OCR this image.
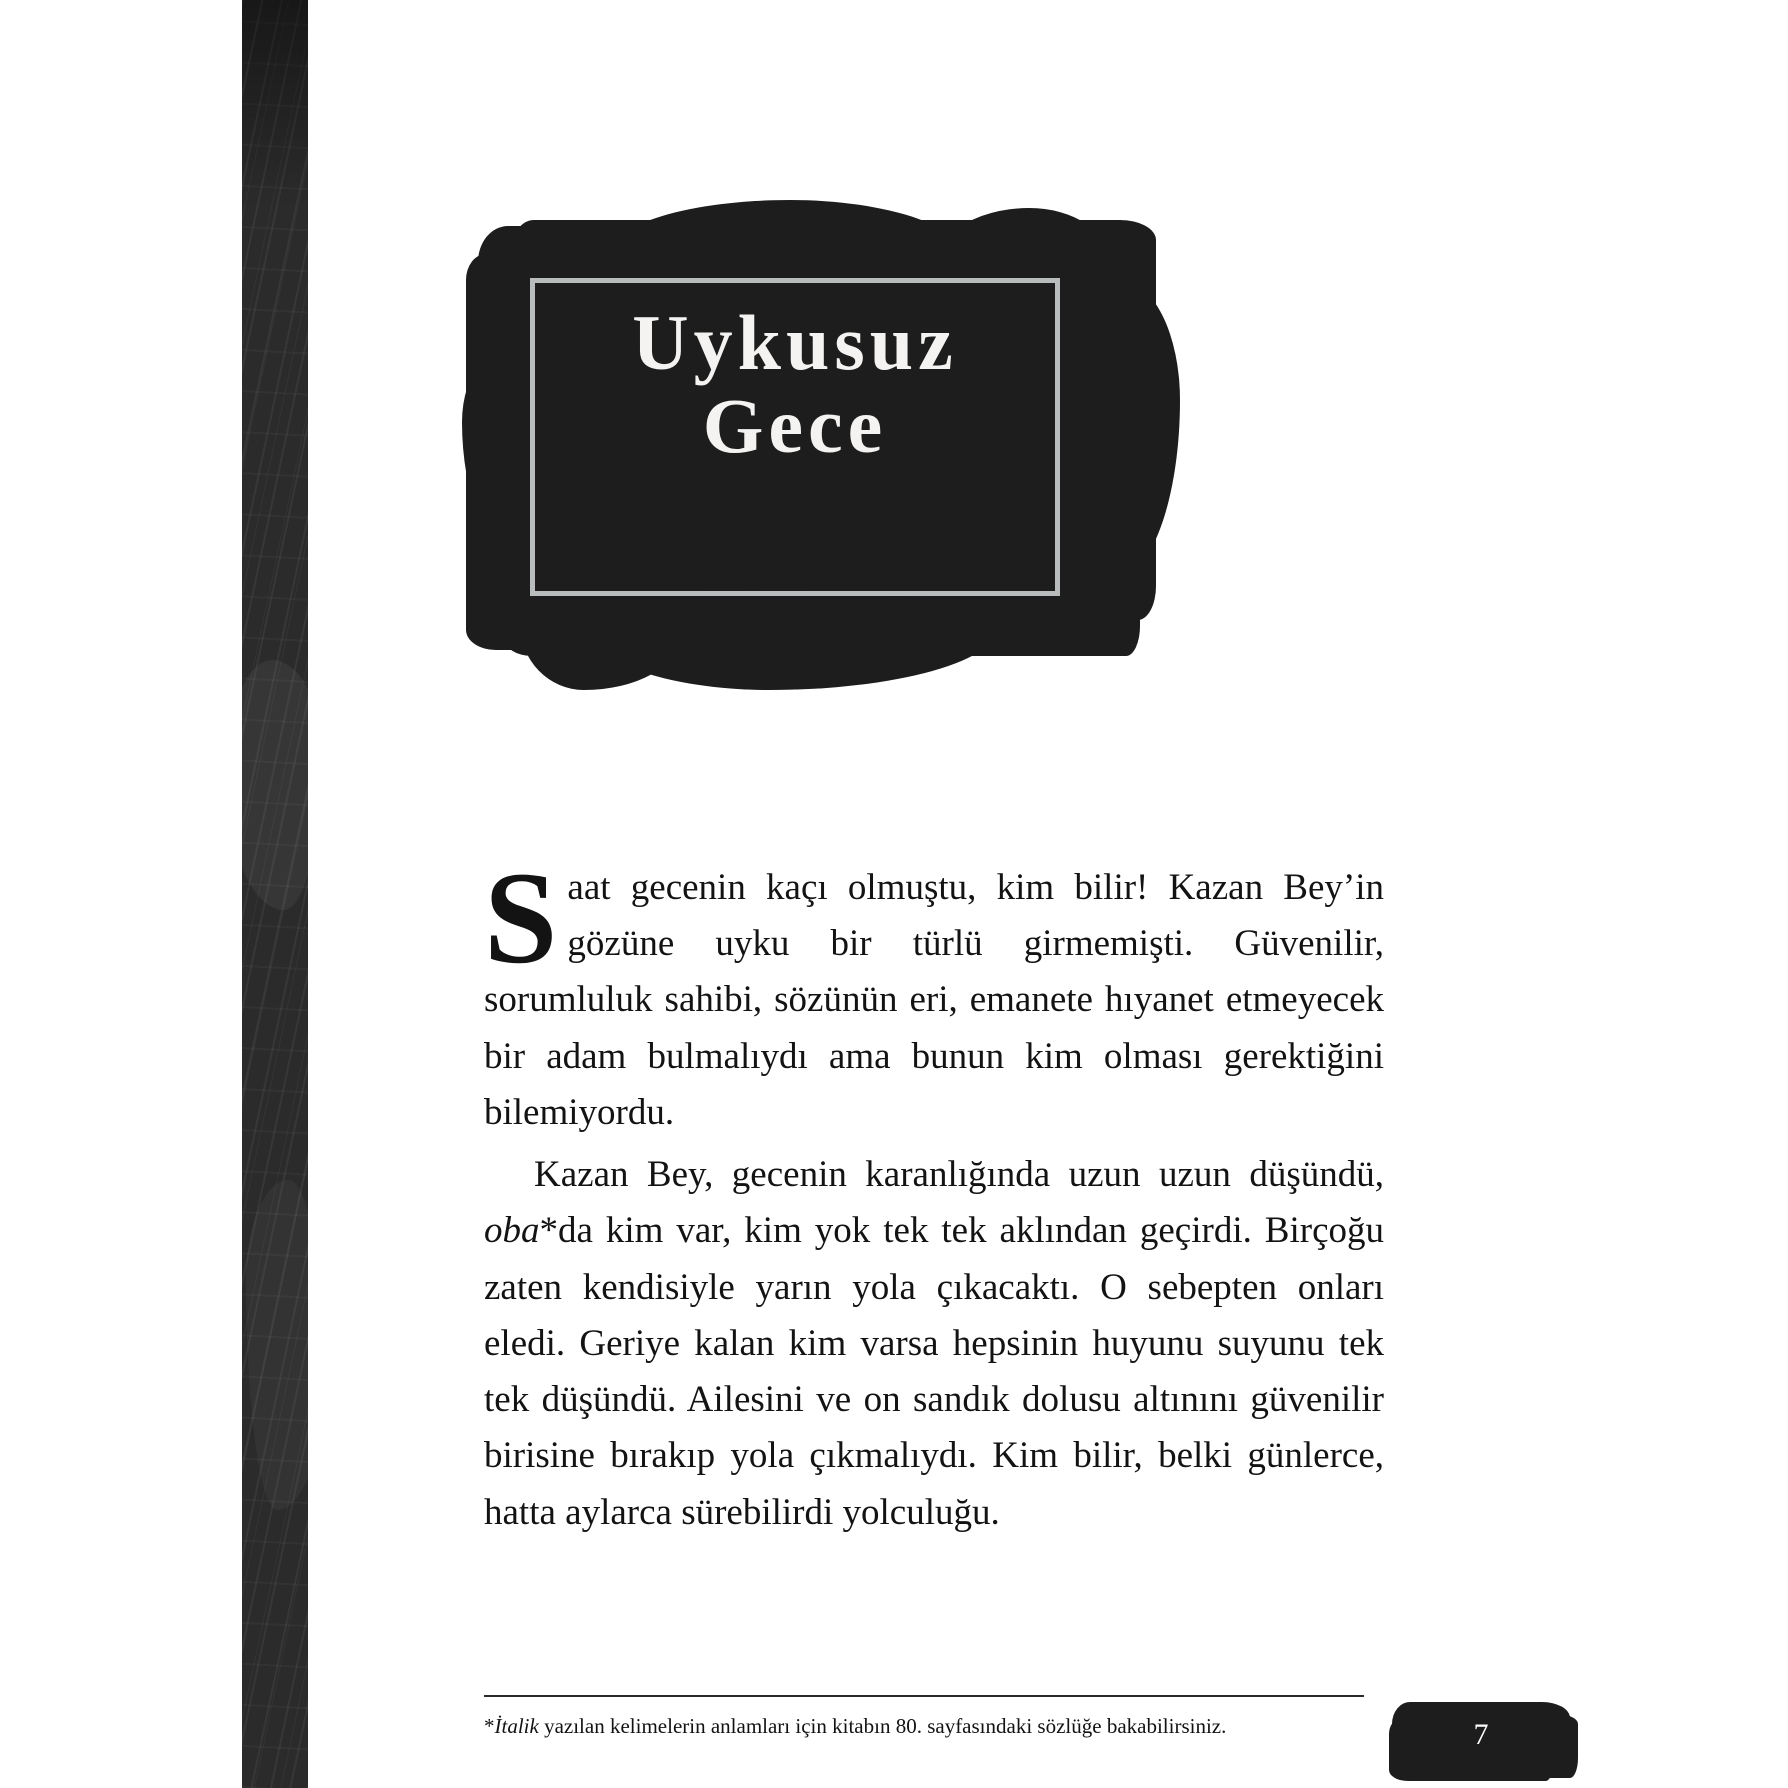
Uykusuz
Gece

Saat gecenin kaçı olmuştu, kim bilir! Kazan Bey’in gözüne uyku bir türlü girmemişti. Güvenilir, sorumluluk sahibi, sözünün eri, emanete hıyanet etmeyecek bir adam bulmalıydı ama bunun kim olması gerektiğini bilemiyordu.

Kazan Bey, gecenin karanlığında uzun uzun düşündü, oba*da kim var, kim yok tek tek aklından geçirdi. Birçoğu zaten kendisiyle yarın yola çıkacaktı. O sebepten onları eledi. Geriye kalan kim varsa hepsinin huyunu suyunu tek tek düşündü. Ailesini ve on sandık dolusu altınını güvenilir birisine bırakıp yola çıkmalıydı. Kim bilir, belki günlerce, hatta aylarca sürebilirdi yolculuğu.

*İtalik yazılan kelimelerin anlamları için kitabın 80. sayfasındaki sözlüğe bakabilirsiniz.	7
